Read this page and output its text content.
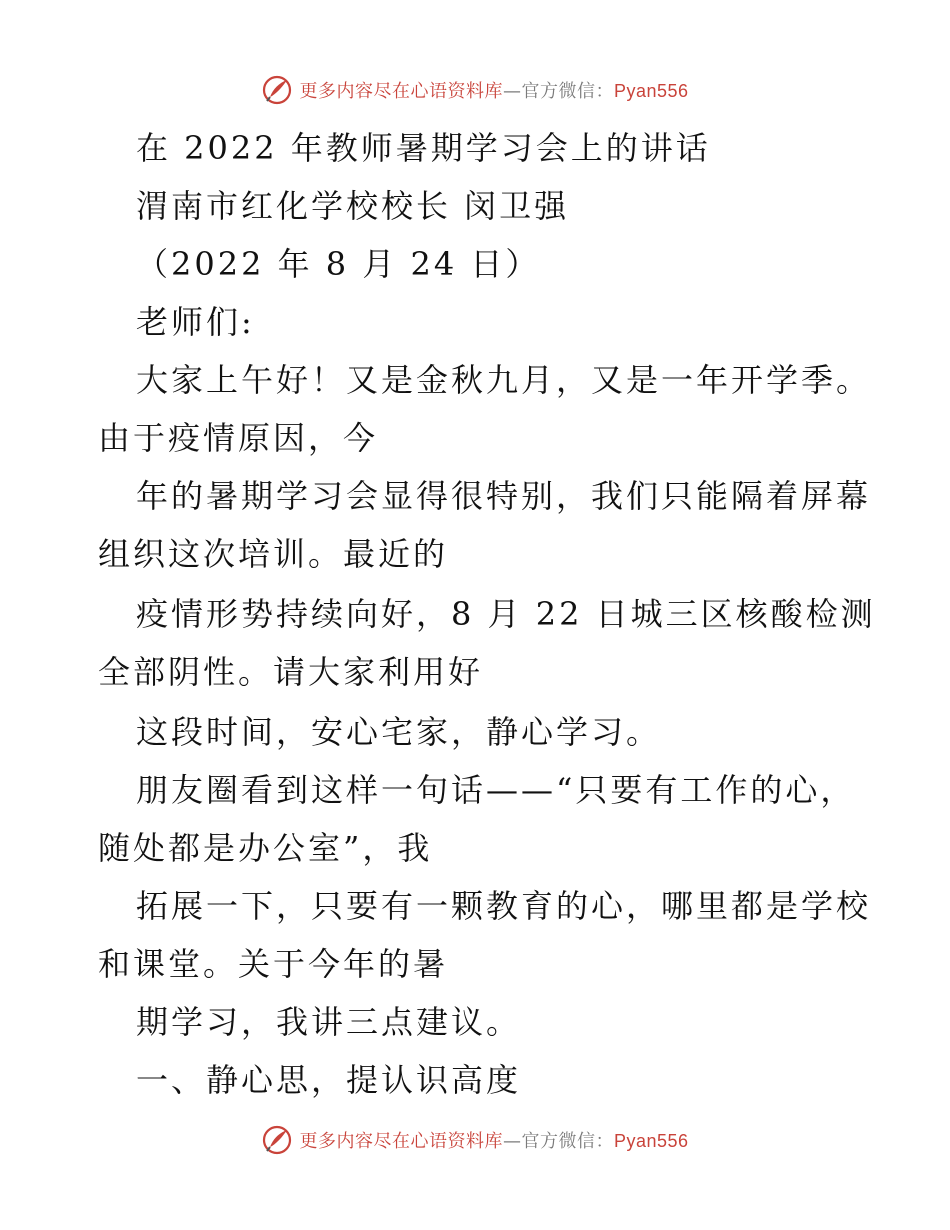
更多内容尽在心语资料库—官方微信：Pyan556
在 2022 年教师暑期学习会上的讲话
渭南市红化学校校长 闵卫强
（2022 年 8 月 24 日）
老师们:
大家上午好！又是金秋九月，又是一年开学季。
由于疫情原因，今
年的暑期学习会显得很特别，我们只能隔着屏幕
组织这次培训。最近的
疫情形势持续向好，8 月 22 日城三区核酸检测
全部阴性。请大家利用好
这段时间，安心宅家，静心学习。
朋友圈看到这样一句话——“只要有工作的心，
随处都是办公室”，我
拓展一下，只要有一颗教育的心，哪里都是学校
和课堂。关于今年的暑
期学习，我讲三点建议。
一、静心思，提认识高度
更多内容尽在心语资料库—官方微信：Pyan556
